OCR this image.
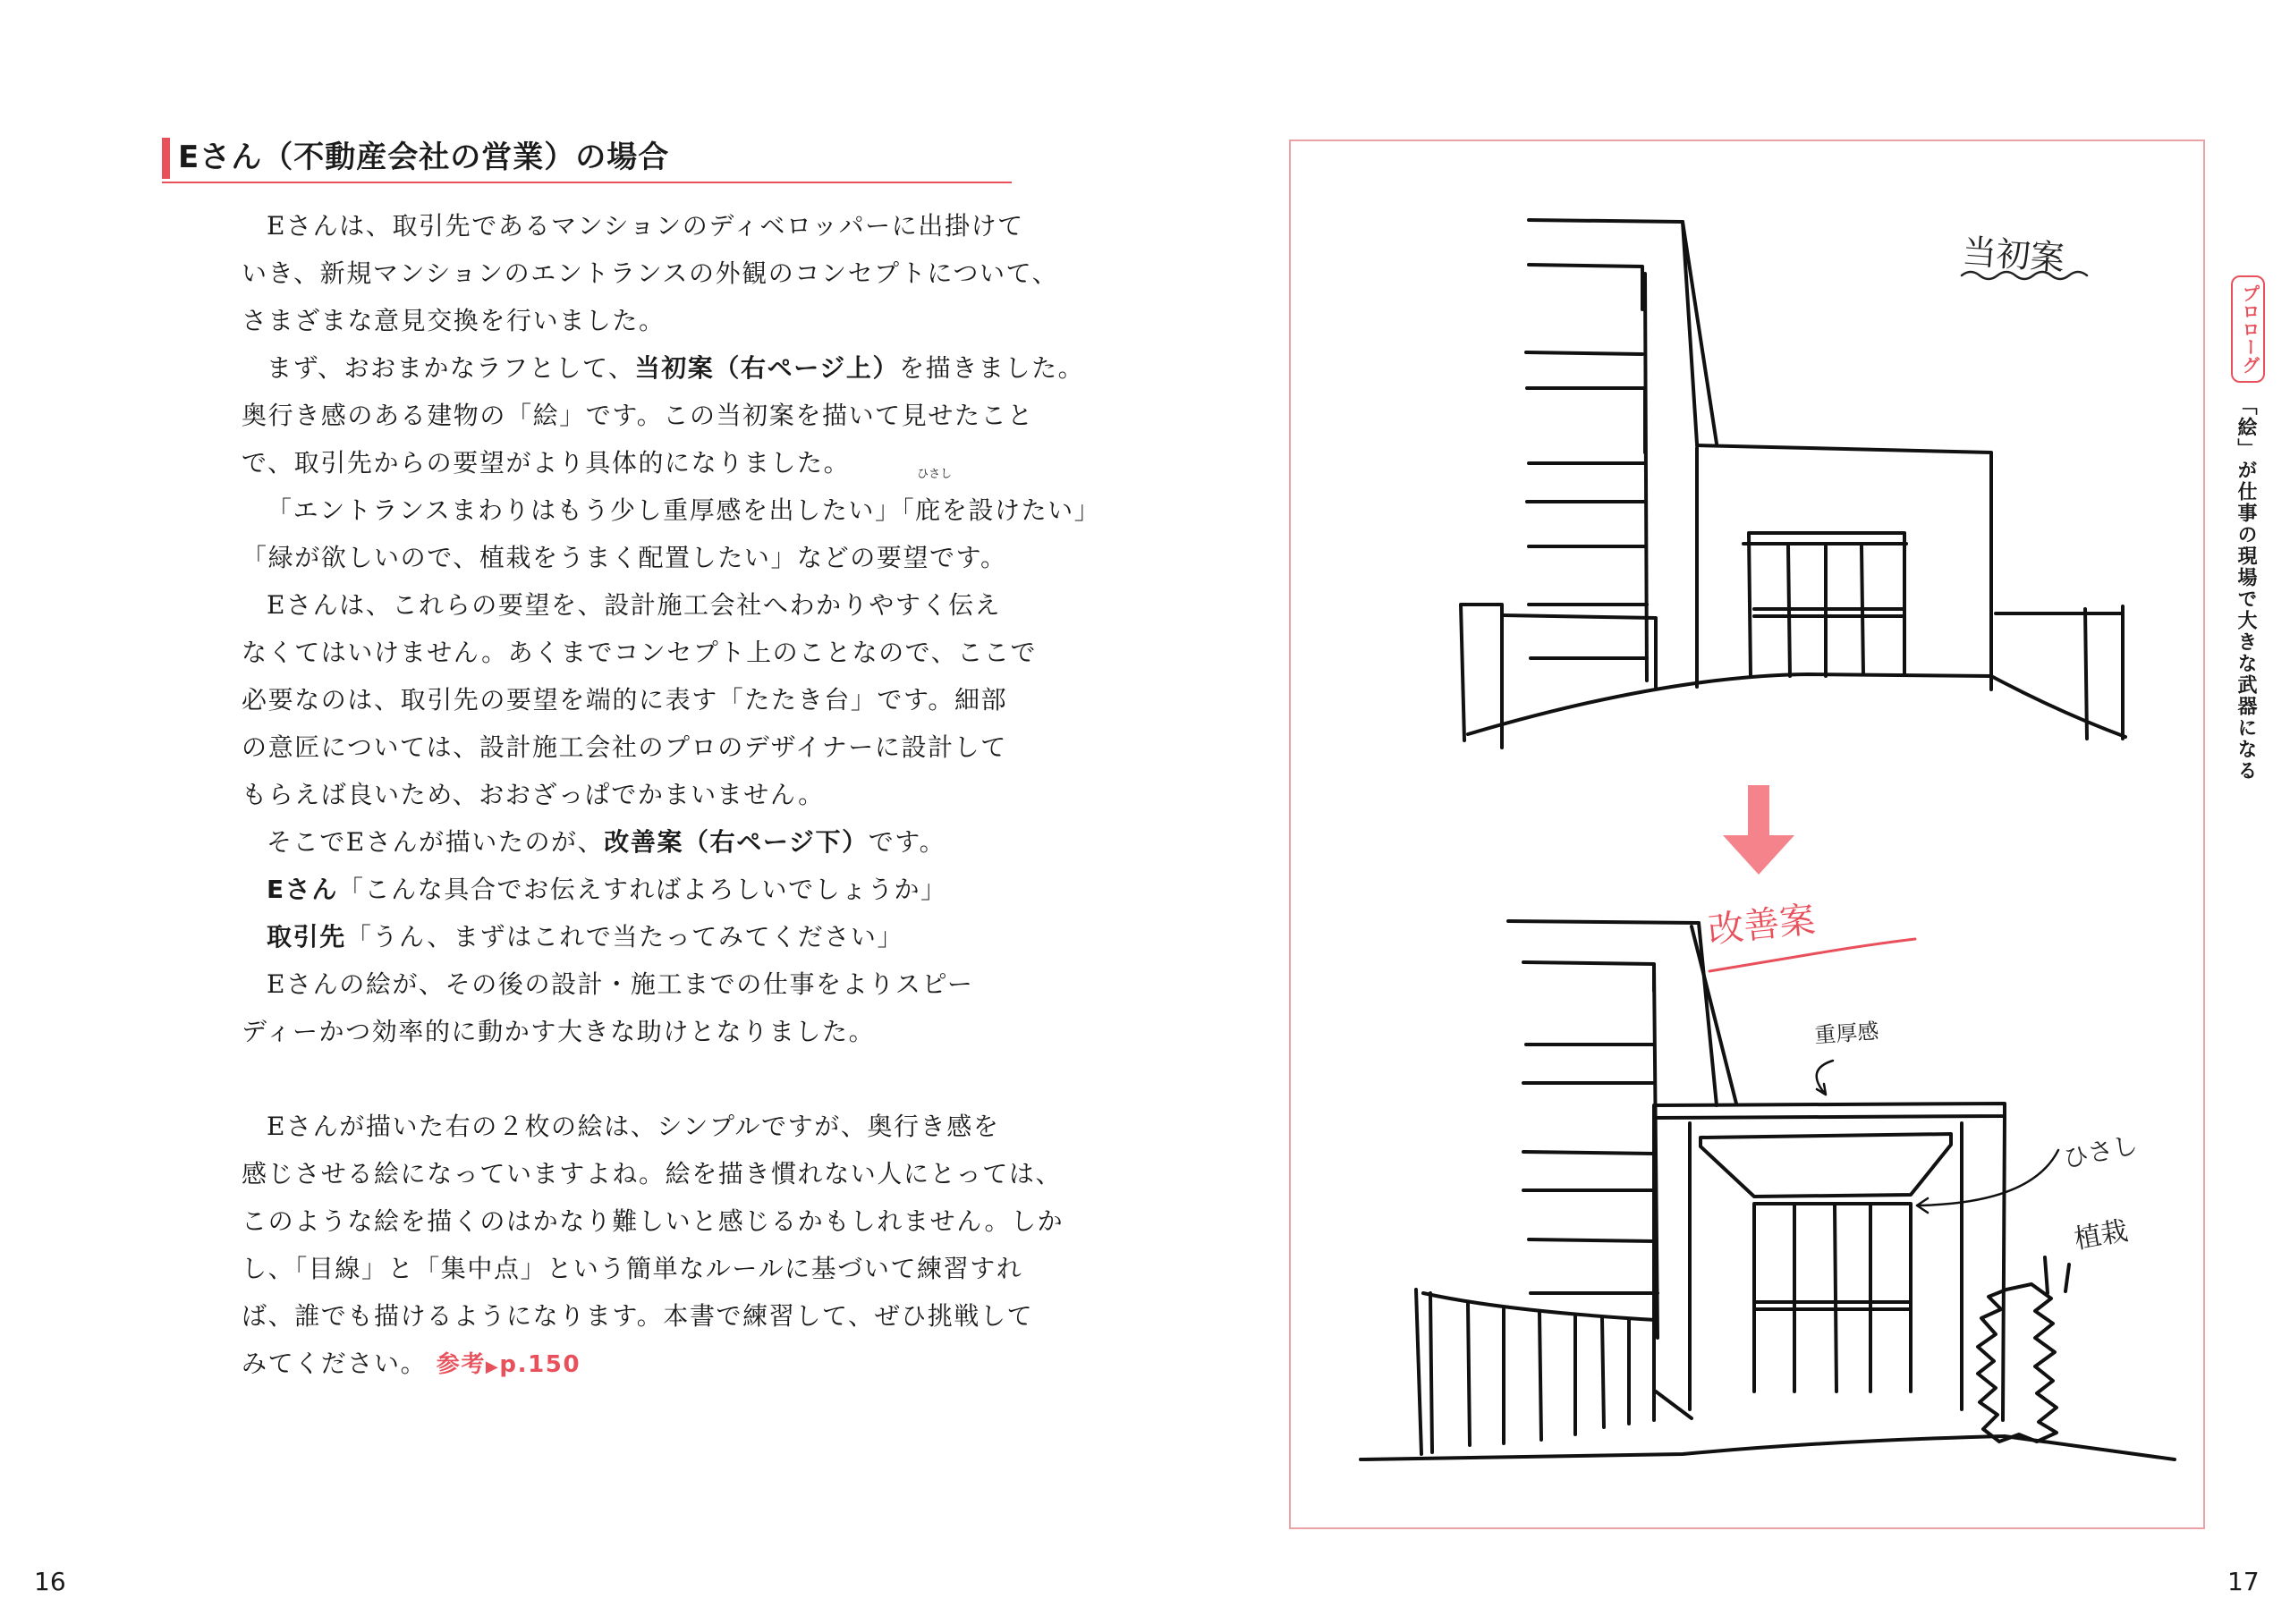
Eさん（不動産会社の営業）の場合
Eさんは、取引先であるマンションのディベロッパーに出掛けて
いき、新規マンションのエントランスの外観のコンセプトについて、
さまざまな意見交換を行いました。
まず、おおまかなラフとして、当初案（右ページ上）を描きました。
奥行き感のある建物の「絵」です。この当初案を描いて見せたこと
で、取引先からの要望がより具体的になりました。
「エントランスまわりはもう少し重厚感を出したい」「庇
ひさし
を設けたい」
「緑が欲しいので、植栽をうまく配置したい」などの要望です。
Eさんは、これらの要望を、設計施工会社へわかりやすく伝え
なくてはいけません。あくまでコンセプト上のことなので、ここで
必要なのは、取引先の要望を端的に表す「たたき台」です。細部
の意匠については、設計施工会社のプロのデザイナーに設計して
もらえば良いため、おおざっぱでかまいません。
そこでEさんが描いたのが、改善案（右ページ下）です。
Eさん「こんな具合でお伝えすればよろしいでしょうか」
取引先「うん、まずはこれで当たってみてください」
Eさんの絵が、その後の設計・施工までの仕事をよりスピー
ディーかつ効率的に動かす大きな助けとなりました。
Eさんが描いた右の２枚の絵は、シンプルですが、奥行き感を
感じさせる絵になっていますよね。絵を描き慣れない人にとっては、
このような絵を描くのはかなり難しいと感じるかもしれません。しか
し、「目線」と「集中点」という簡単なルールに基づいて練習すれ
ば、誰でも描けるようになります。本書で練習して、ぜひ挑戦して
みてください。 参考▶p.150
16
当初案
改善案
重厚感
ひさし
植栽
プロローグ
「絵」が仕事の現場で大きな武器になる
17
